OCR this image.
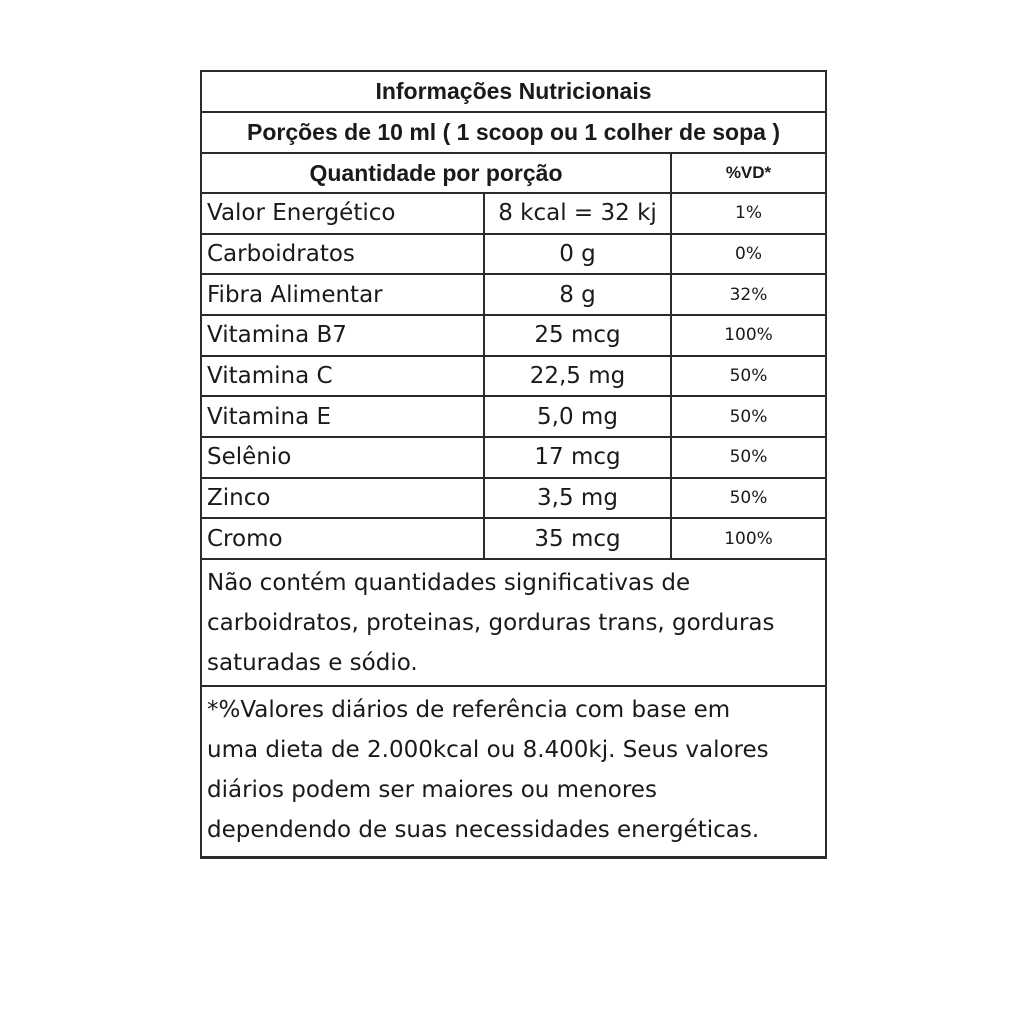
Informações Nutricionais
Porções de 10 ml ( 1 scoop ou 1 colher de sopa )
Quantidade por porção	%VD*
Valor Energético	8 kcal = 32 kj	1%
Carboidratos	0 g	0%
Fibra Alimentar	8 g	32%
Vitamina B7	25 mcg	100%
Vitamina C	22,5 mg	50%
Vitamina E	5,0 mg	50%
Selênio	17 mcg	50%
Zinco	3,5 mg	50%
Cromo	35 mcg	100%

Não contém quantidades significativas de

carboidratos, proteinas, gorduras trans, gorduras

saturadas e sódio.

*%Valores diários de referência com base em

uma dieta de 2.000kcal ou 8.400kj. Seus valores

diários podem ser maiores ou menores

dependendo de suas necessidades energéticas.
